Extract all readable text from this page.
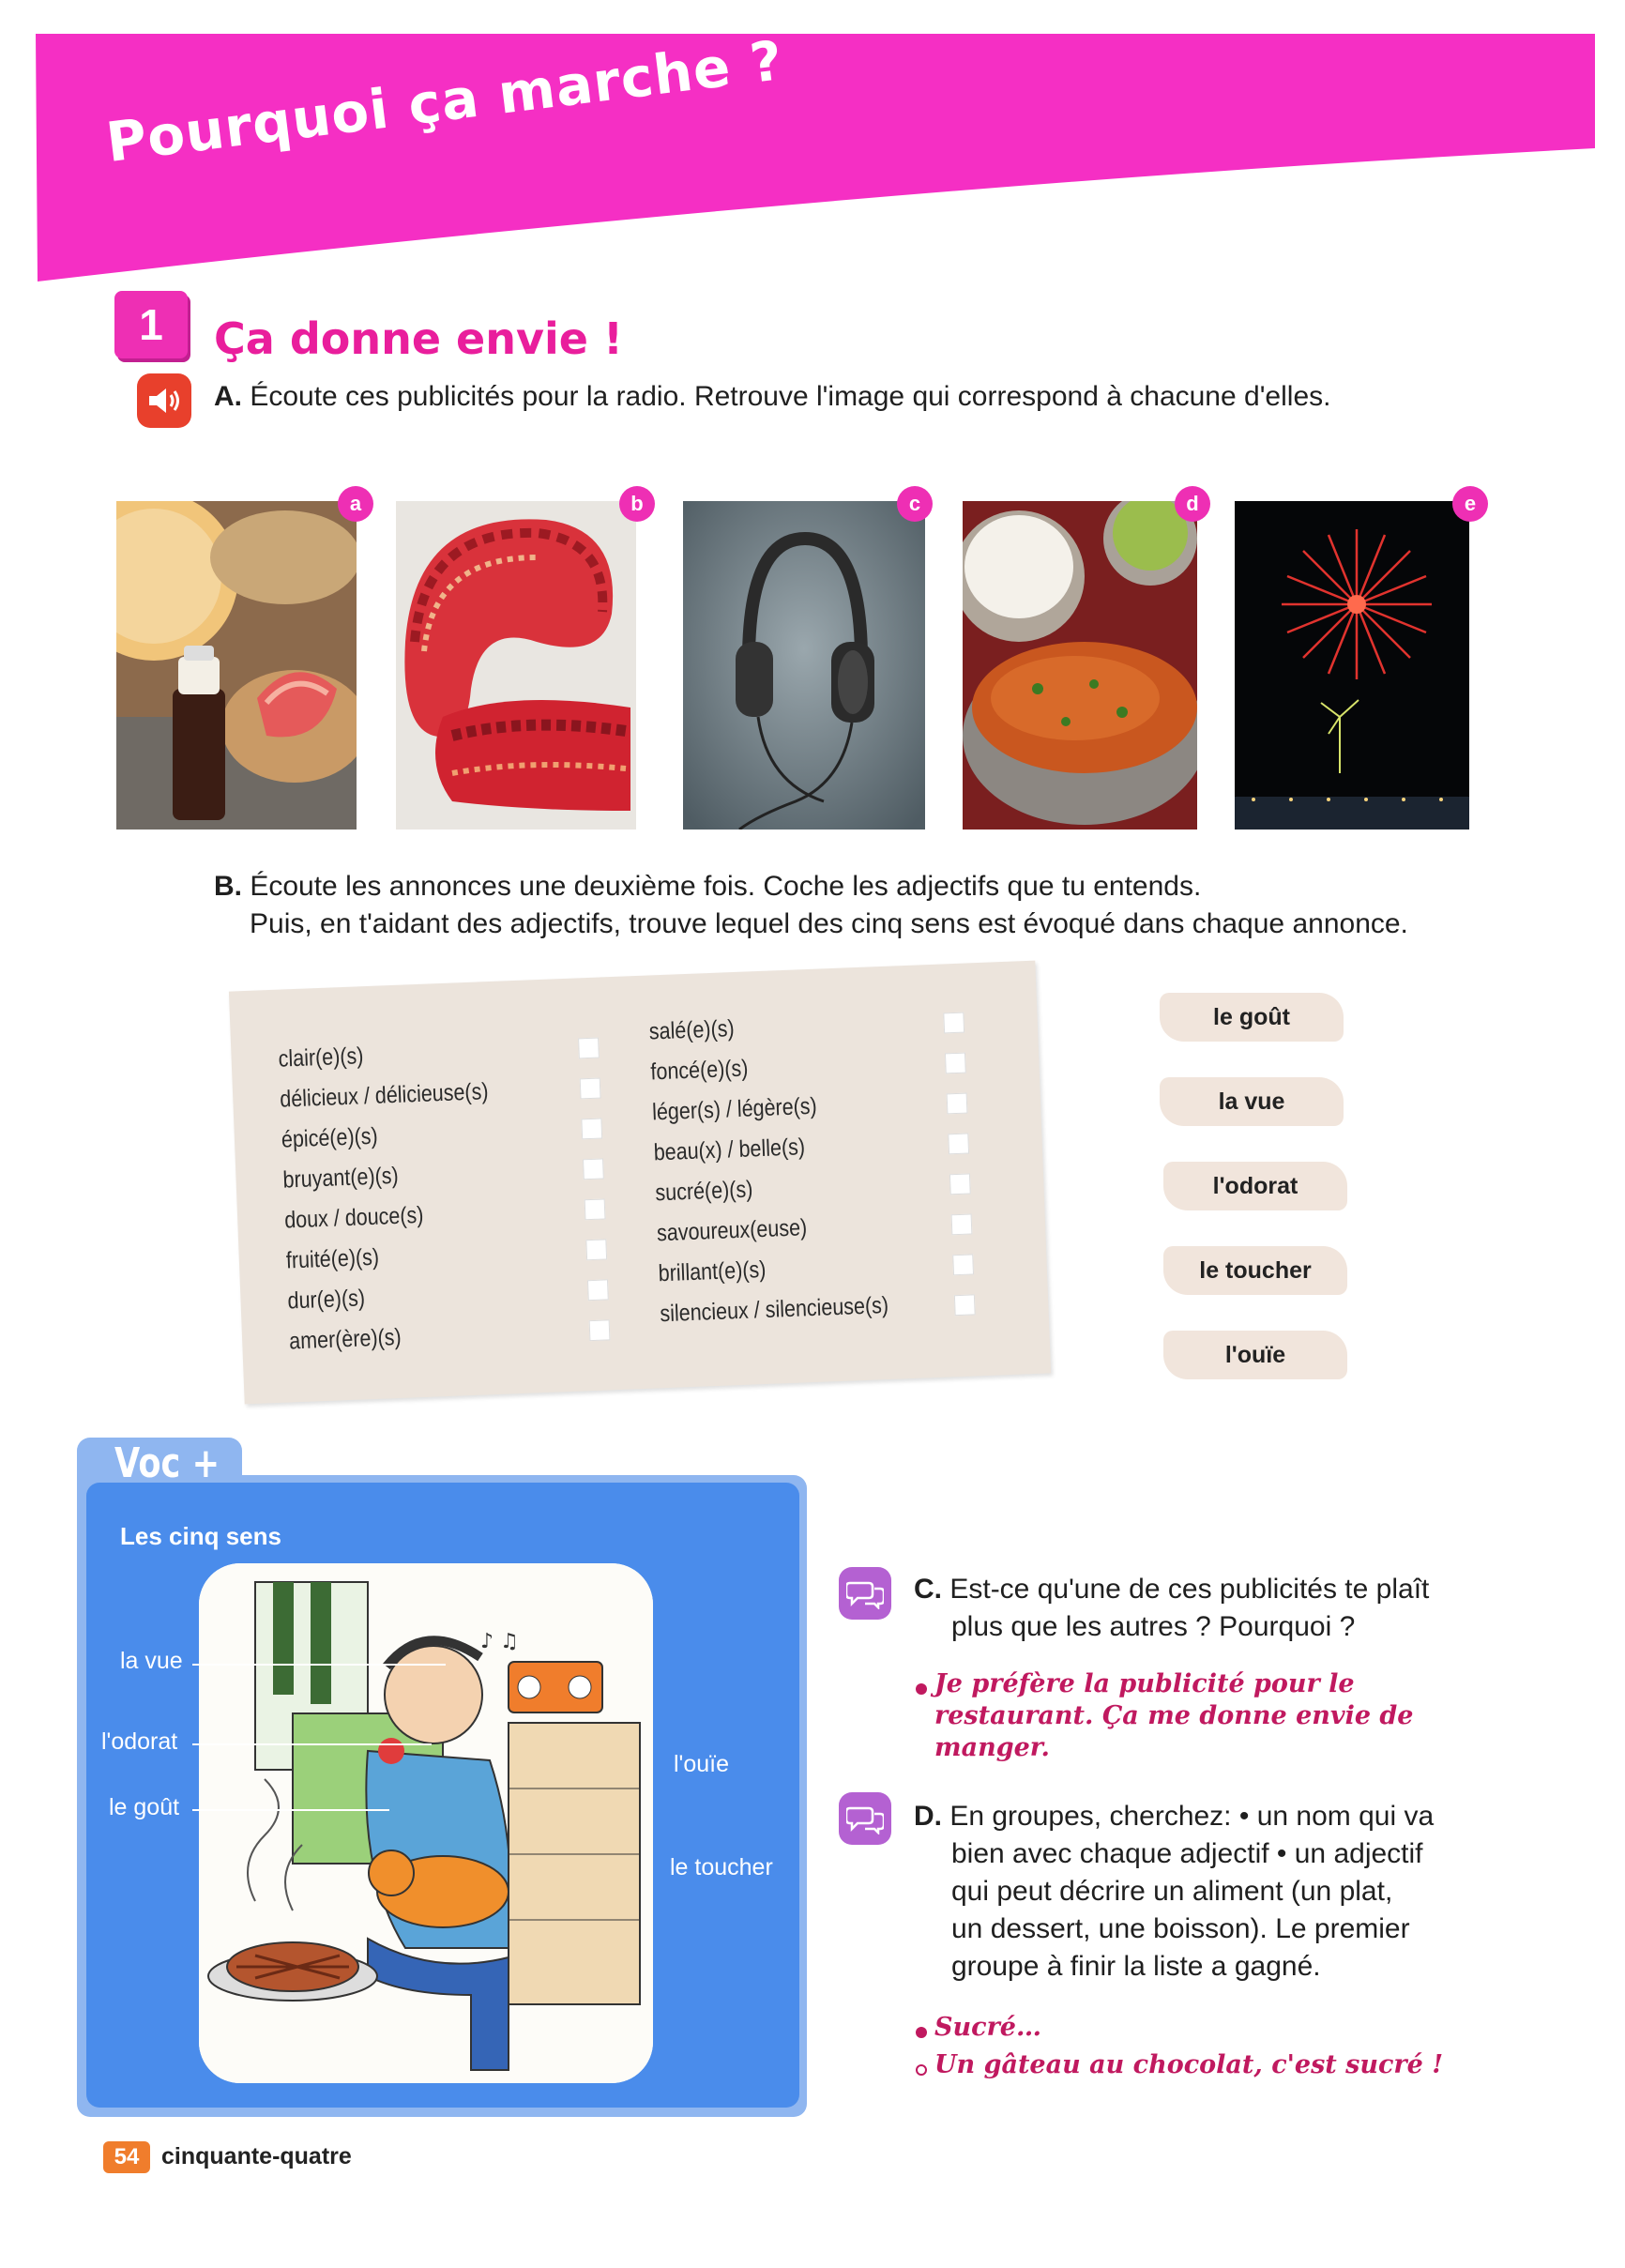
Pourquoi ça marche ?
1	Ça donne envie !
A. Écoute ces publicités pour la radio. Retrouve l'image qui correspond à chacune d'elles.
a	b	c	d	e
B. Écoute les annonces une deuxième fois. Coche les adjectifs que tu entends.
Puis, en t'aidant des adjectifs, trouve lequel des cinq sens est évoqué dans chaque annonce.
clair(e)(s)
délicieux / délicieuse(s)
épicé(e)(s)
bruyant(e)(s)
doux / douce(s)
fruité(e)(s)
dur(e)(s)
amer(ère)(s)
salé(e)(s)
foncé(e)(s)
léger(s) / légère(s)
beau(x) / belle(s)
sucré(e)(s)
savoureux(euse)
brillant(e)(s)
silencieux / silencieuse(s)
le goût
la vue
l'odorat
le toucher
l'ouïe
Voc +
Les cinq sens
♪ ♫
la vue
l'odorat
le goût
l'ouïe
le toucher
C. Est-ce qu'une de ces publicités te plaît
plus que les autres ? Pourquoi ?
Je préfère la publicité pour le
restaurant. Ça me donne envie de
manger.
D. En groupes, cherchez: • un nom qui va
bien avec chaque adjectif • un adjectif
qui peut décrire un aliment (un plat,
un dessert, une boisson). Le premier
groupe à finir la liste a gagné.
Sucré…
Un gâteau au chocolat, c'est sucré !
54 cinquante-quatre
